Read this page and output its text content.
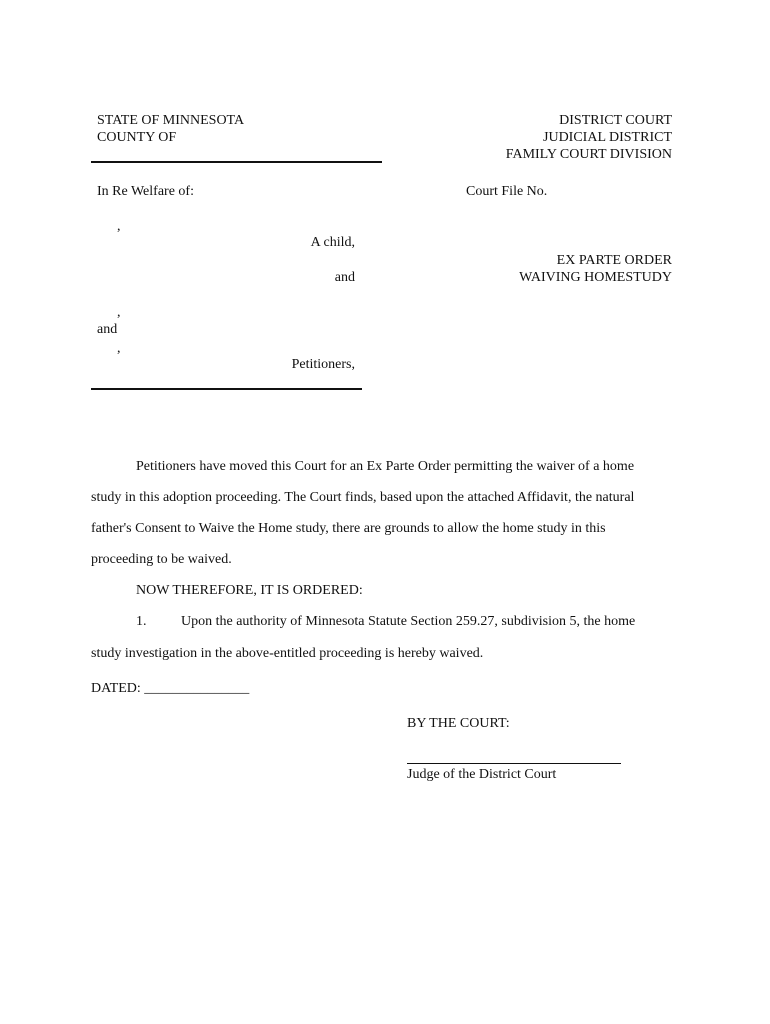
STATE OF MINNESOTA
COUNTY OF
DISTRICT COURT
JUDICIAL DISTRICT
FAMILY COURT DIVISION
In Re Welfare of:	Court File No.
,
A child,
EX PARTE ORDER
and	WAIVING HOMESTUDY
,
and
,
Petitioners,
Petitioners have moved this Court for an Ex Parte Order permitting the waiver of a home
study in this adoption proceeding. The Court finds, based upon the attached Affidavit, the natural
father's Consent to Waive the Home study, there are grounds to allow the home study in this
proceeding to be waived.
NOW THEREFORE, IT IS ORDERED:
1. Upon the authority of Minnesota Statute Section 259.27, subdivision 5, the home
study investigation in the above-entitled proceeding is hereby waived.
DATED: _______________
BY THE COURT:
Judge of the District Court
